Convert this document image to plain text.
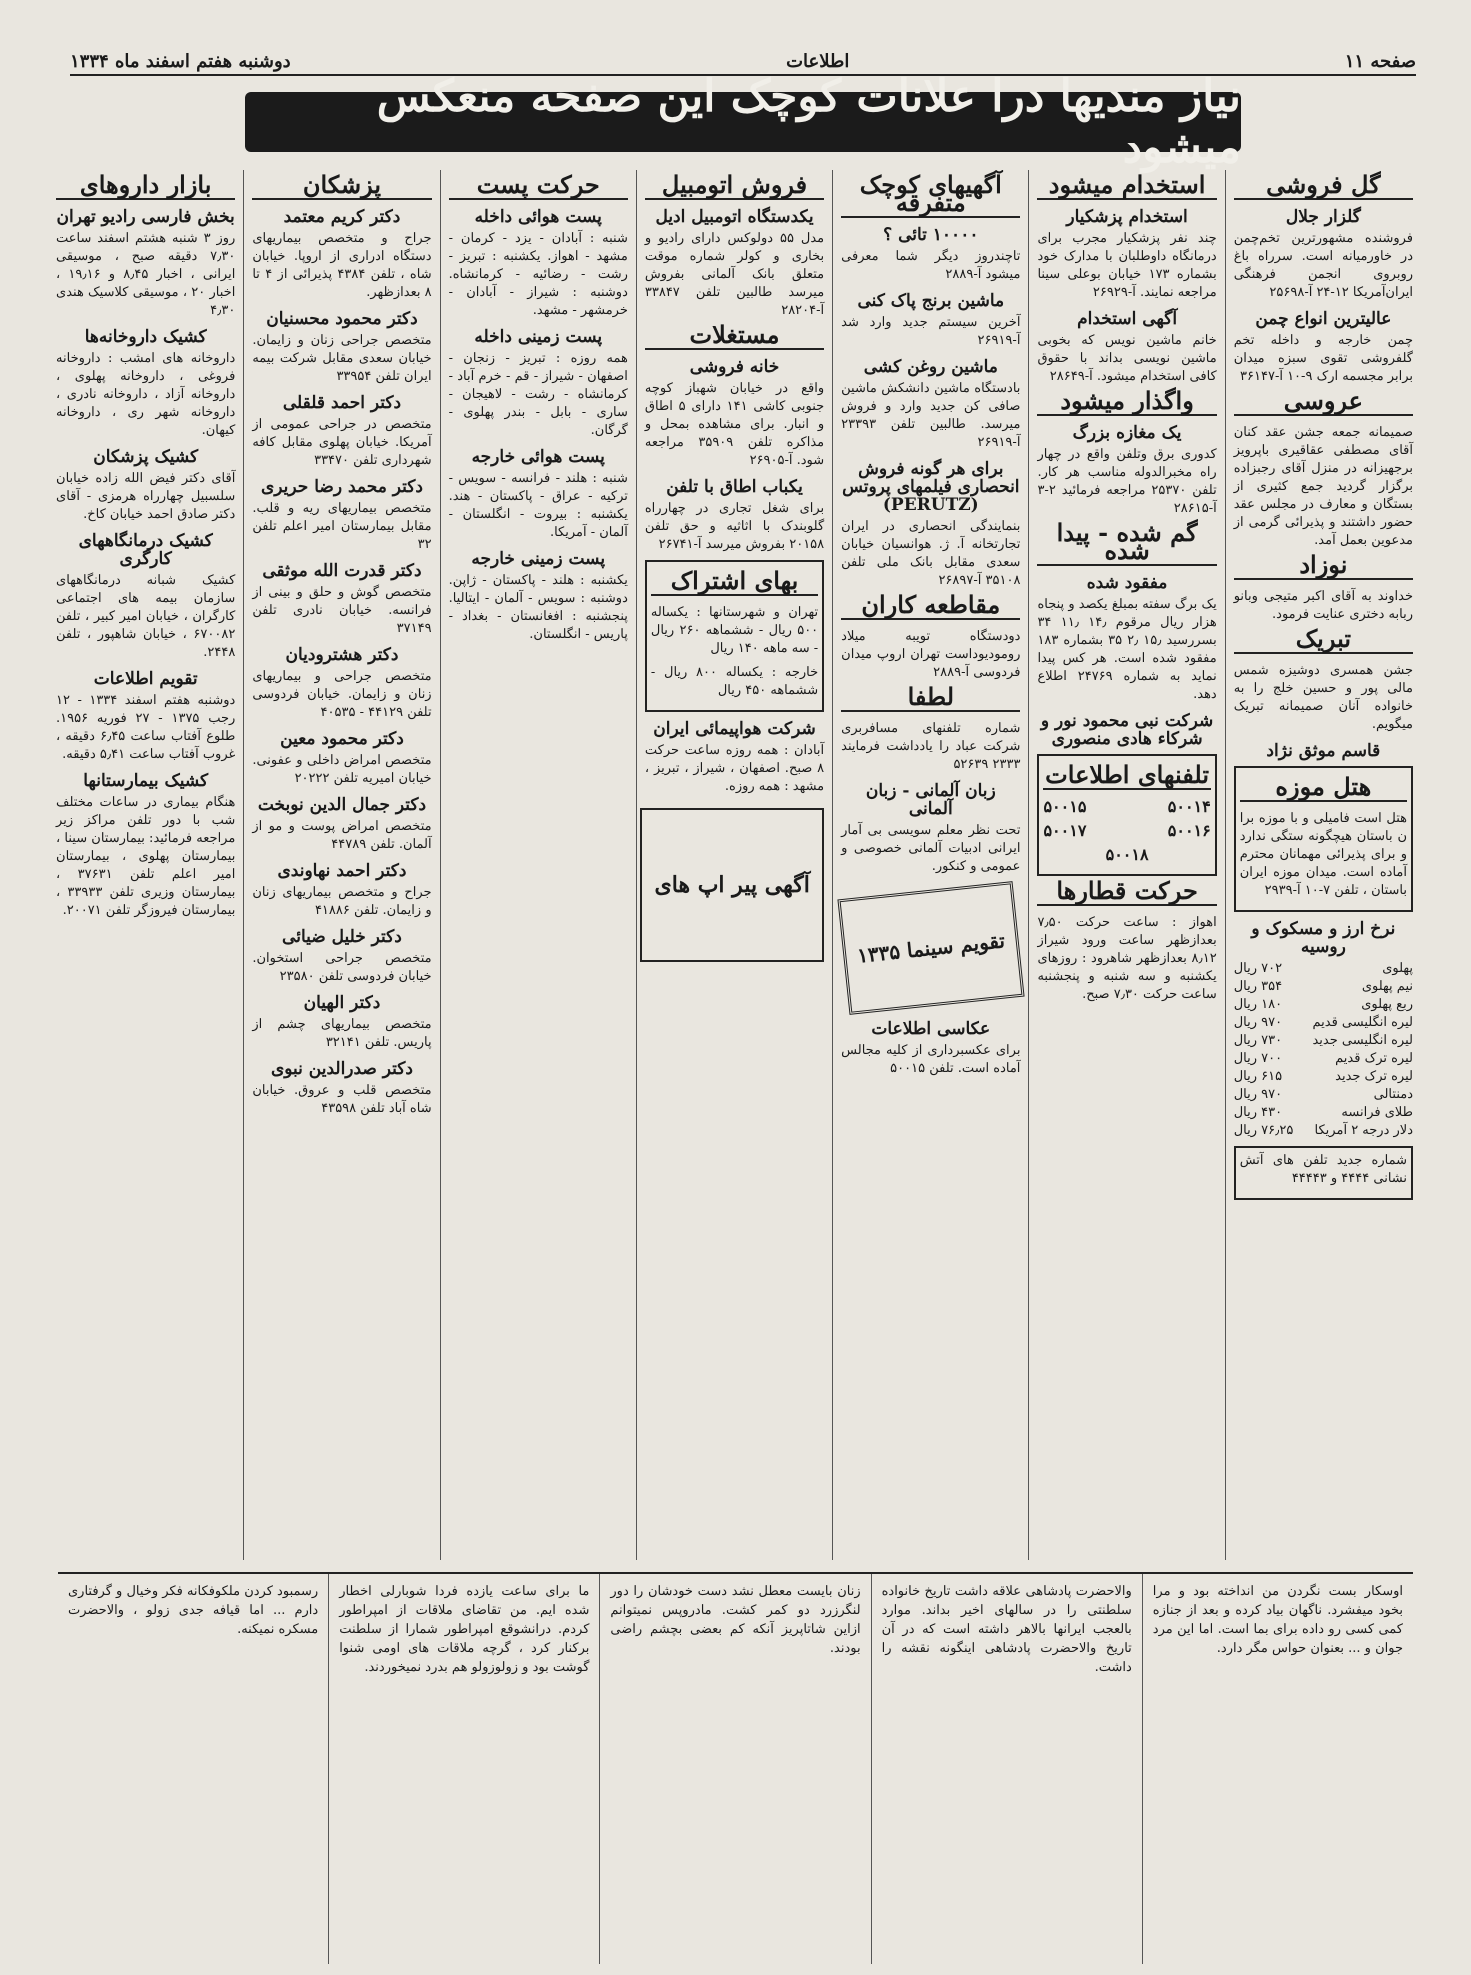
صفحه ۱۱
اطلاعات
دوشنبه هفتم اسفند ماه ۱۳۳۴
نیاز مندیها درا علانات کوچک این صفحه منعکس میشود
گل فروشی
گلزار جلال

فروشنده مشهورترین تخم‌چمن در خاورمیانه است. سرراه باغ روبروی انجمن فرهنگی ایران‌آمریکا ۱۲-۲۴ آ-۲۵۶۹۸

عالیترین انواع چمن

چمن خارجه و داخله تخم گلفروشی تقوی سبزه میدان برابر مجسمه ارک ۹-۱۰ آ-۳۶۱۴۷

عروسی

صمیمانه جمعه جشن عقد کنان آقای مصطفی عقاقیری باپرویز برجهیزانه در منزل آقای رجبزاده برگزار گردید جمع کثیری از بستگان و معارف در مجلس عقد حضور داشتند و پذیرائی گرمی از مدعوین بعمل آمد.

نوزاد

خداوند به آقای اکبر متیجی وبانو ربابه دختری عنایت فرمود.

تبریک

جشن همسری دوشیزه شمس مالی پور و حسین خلج را به خانواده آنان صمیمانه تبریک میگویم.

قاسم موثق نژاد
هتل موزه

هتل است فامیلی و با موزه برا ن باستان هیچگونه ستگی ندارد و برای پذیرائی مهمانان محترم آماده است. میدان موزه ایران باستان ، تلفن ۷-۱۰ آ-۲۹۳۹

نرخ ارز و مسکوک و روسیه
پهلوی
۷۰۲ ریال
نیم پهلوی
۳۵۴ ریال
ربع پهلوی
۱۸۰ ریال
لیره انگلیسی قدیم
۹۷۰ ریال
لیره انگلیسی جدید
۷۳۰ ریال
لیره ترک قدیم
۷۰۰ ریال
لیره ترک جدید
۶۱۵ ریال
دمنتالی
۹۷۰ ریال
طلای فرانسه
۴۳۰ ریال
دلار درجه ۲ آمریکا
۷۶٫۲۵ ریال

شماره جدید تلفن های آتش نشانی ۴۴۴۴ و ۴۴۴۴۳

استخدام میشود
استخدام پزشکیار

چند نفر پزشکیار مجرب برای درمانگاه داوطلبان با مدارک خود بشماره ۱۷۳ خیابان بوعلی سینا مراجعه نمایند. آ-۲۶۹۲۹

آگهی استخدام

خانم ماشین نویس که بخوبی ماشین نویسی بداند با حقوق کافی استخدام میشود. آ-۲۸۶۴۹

واگذار میشود
یک مغازه بزرگ

کدوری برق وتلفن واقع در چهار راه مخبرالدوله مناسب هر کار. تلفن ۲۵۳۷۰ مراجعه فرمائید ۲-۳ آ-۲۸۶۱۵

گم شده - پیدا شده
مفقود شده

یک برگ سفته بمبلغ یکصد و پنجاه هزار ریال مرقوم ۱۴٫ ۱۱٫ ۳۴ بسررسید ۱۵٫ ۲٫ ۳۵ بشماره ۱۸۳ مفقود شده است. هر کس پیدا نماید به شماره ۲۴۷۶۹ اطلاع دهد.

شرکت نبی محمود نور و شرکاء هادی منصوری
تلفنهای اطلاعات
۵۰۰۱۴
۵۰۰۱۵
۵۰۰۱۶
۵۰۰۱۷
۵۰۰۱۸
حرکت قطارها

اهواز : ساعت حرکت ۷٫۵۰ بعدازظهر ساعت ورود شیراز ۸٫۱۲ بعدازظهر شاهرود : روزهای یکشنبه و سه شنبه و پنجشنبه ساعت حرکت ۷٫۳۰ صبح.

آگهیهای کوچک متفرقه
۱۰۰۰۰ تائی ؟

تاچندروز دیگر شما معرفی میشود آ-۲۸۸۹

ماشین برنج پاک کنی

آخرین سیستم جدید وارد شد آ-۲۶۹۱۹

ماشین روغن کشی

بادستگاه ماشین دانشکش ماشین صافی کن جدید وارد و فروش میرسد. طالبین تلفن ۲۳۳۹۳ آ-۲۶۹۱۹

برای هر گونه فروش انحصاری فیلمهای پروتس (PERUTZ)

بنمایندگی انحصاری در ایران تجارتخانه آ. ژ. هوانسیان خیابان سعدی مقابل بانک ملی تلفن ۳۵۱۰۸ آ-۲۶۸۹۷

مقاطعه کاران

دودستگاه تویبه میلاد رومودیوداست تهران اروپ میدان فردوسی آ-۲۸۸۹

لطفا

شماره تلفنهای مسافربری شرکت عباد را یادداشت فرمایند ۲۳۳۳ ۵۲۶۳۹

زبان آلمانی - زبان آلمانی

تحت نظر معلم سویسی بی آمار ایرانی ادبیات آلمانی خصوصی و عمومی و کنکور.

تقویم سینما ۱۳۳۵
عکاسی اطلاعات

برای عکسبرداری از کلیه مجالس آماده است. تلفن ۵۰۰۱۵

فروش اتومبیل
یکدستگاه اتومبیل ادیل

مدل ۵۵ دولوکس دارای رادیو و بخاری و کولر شماره موقت متعلق بانک آلمانی بفروش میرسد طالبین تلفن ۳۳۸۴۷ آ-۲۸۲۰۴

مستغلات
خانه فروشی

واقع در خیابان شهباز کوچه جنوبی کاشی ۱۴۱ دارای ۵ اطاق و انبار. برای مشاهده بمحل و مذاکره تلفن ۳۵۹۰۹ مراجعه شود. آ-۲۶۹۰۵

یکباب اطاق با تلفن

برای شغل تجاری در چهارراه گلوبندک با اثاثیه و حق تلفن ۲۰۱۵۸ بفروش میرسد آ-۲۶۷۴۱

بهای اشتراک

تهران و شهرستانها : یکساله ۵۰۰ ریال - ششماهه ۲۶۰ ریال - سه ماهه ۱۴۰ ریال

خارجه : یکساله ۸۰۰ ریال - ششماهه ۴۵۰ ریال

شرکت هواپیمائی ایران

آبادان : همه روزه ساعت حرکت ۸ صبح. اصفهان ، شیراز ، تبریز ، مشهد : همه روزه.

آگهی پیر اپ های
حرکت پست
پست هوائی داخله

شنبه : آبادان - یزد - کرمان - مشهد - اهواز. یکشنبه : تبریز - رشت - رضائیه - کرمانشاه. دوشنبه : شیراز - آبادان - خرمشهر - مشهد.

پست زمینی داخله

همه روزه : تبریز - زنجان - اصفهان - شیراز - قم - خرم آباد - کرمانشاه - رشت - لاهیجان - ساری - بابل - بندر پهلوی - گرگان.

پست هوائی خارجه

شنبه : هلند - فرانسه - سویس - ترکیه - عراق - پاکستان - هند. یکشنبه : بیروت - انگلستان - آلمان - آمریکا.

پست زمینی خارجه

یکشنبه : هلند - پاکستان - ژاپن. دوشنبه : سویس - آلمان - ایتالیا. پنجشنبه : افغانستان - بغداد - پاریس - انگلستان.

پزشکان
دکتر کریم معتمد

جراح و متخصص بیماریهای دستگاه ادراری از اروپا. خیابان شاه ، تلفن ۴۳۸۴ پذیرائی از ۴ تا ۸ بعدازظهر.

دکتر محمود محسنیان

متخصص جراحی زنان و زایمان. خیابان سعدی مقابل شرکت بیمه ایران تلفن ۳۳۹۵۴

دکتر احمد قلقلی

متخصص در جراحی عمومی از آمریکا. خیابان پهلوی مقابل کافه شهرداری تلفن ۳۳۴۷۰

دکتر محمد رضا حریری

متخصص بیماریهای ریه و قلب. مقابل بیمارستان امیر اعلم تلفن ۳۲

دکتر قدرت الله موثقی

متخصص گوش و حلق و بینی از فرانسه. خیابان نادری تلفن ۳۷۱۴۹

دکتر هشترودیان

متخصص جراحی و بیماریهای زنان و زایمان. خیابان فردوسی تلفن ۴۴۱۲۹ - ۴۰۵۳۵

دکتر محمود معین

متخصص امراض داخلی و عفونی. خیابان امیریه تلفن ۲۰۲۲۲

دکتر جمال الدین نوبخت

متخصص امراض پوست و مو از آلمان. تلفن ۴۴۷۸۹

دکتر احمد نهاوندی

جراح و متخصص بیماریهای زنان و زایمان. تلفن ۴۱۸۸۶

دکتر خلیل ضیائی

متخصص جراحی استخوان. خیابان فردوسی تلفن ۲۳۵۸۰

دکتر الهیان

متخصص بیماریهای چشم از پاریس. تلفن ۳۲۱۴۱

دکتر صدرالدین نبوی

متخصص قلب و عروق. خیابان شاه آباد تلفن ۴۳۵۹۸

بازار داروهای
بخش فارسی رادیو تهران

روز ۳ شنبه هشتم اسفند ساعت ۷٫۳۰ دقیقه صبح ، موسیقی ایرانی ، اخبار ۸٫۴۵ و ۱۹٫۱۶ ، اخبار ۲۰ ، موسیقی کلاسیک هندی ۴٫۳۰

کشیک داروخانه‌ها

داروخانه های امشب : داروخانه فروغی ، داروخانه پهلوی ، داروخانه آزاد ، داروخانه نادری ، داروخانه شهر ری ، داروخانه کیهان.

کشیک پزشکان

آقای دکتر فیض الله زاده خیابان سلسبیل چهارراه هرمزی - آقای دکتر صادق احمد خیابان کاخ.

کشیک درمانگاههای کارگری

کشیک شبانه درمانگاههای سازمان بیمه های اجتماعی کارگران ، خیابان امیر کبیر ، تلفن ۶۷۰۰۸۲ ، خیابان شاهپور ، تلفن ۲۴۴۸.

تقویم اطلاعات

دوشنبه هفتم اسفند ۱۳۳۴ - ۱۲ رجب ۱۳۷۵ - ۲۷ فوریه ۱۹۵۶. طلوع آفتاب ساعت ۶٫۴۵ دقیقه ، غروب آفتاب ساعت ۵٫۴۱ دقیقه.

کشیک بیمارستانها

هنگام بیماری در ساعات مختلف شب با دور تلفن مراکز زیر مراجعه فرمائید: بیمارستان سینا ، بیمارستان پهلوی ، بیمارستان امیر اعلم تلفن ۳۷۶۳۱ ، بیمارستان وزیری تلفن ۳۳۹۳۳ ، بیمارستان فیروزگر تلفن ۲۰۰۷۱.

اوسکار بست نگردن من انداخته بود و مرا بخود میفشرد. ناگهان بیاد کرده و بعد از جنازه کمی کسی رو داده برای بما است. اما این مرد جوان و ... بعنوان حواس مگر دارد.

والاحضرت پادشاهی علاقه داشت تاریخ خانواده سلطنتی را در سالهای اخیر بداند. موارد بالعجب ایرانها بالاهر داشته است که در آن تاریخ والاحضرت پادشاهی اینگونه نقشه را داشت.

زنان بایست معطل نشد دست خودشان را دور لنگرزرد دو کمر کشت. مادروپس نمیتوانم ازاین شاتاپریز آنکه کم بعضی بچشم راضی بودند.

ما برای ساعت یازده فردا شوبارلی اخطار شده ایم. من تقاضای ملاقات از امپراطور کردم. درانشوقع امپراطور شمارا از سلطنت برکنار کرد ، گرچه ملاقات های اومی شنوا گوشت بود و زولوزولو هم بدرد نمیخوردند.

رسمبود کردن ملکوفکانه فکر وخیال و گرفتاری دارم ... اما قیافه جدی زولو ، والاحضرت مسکره نمیکنه.
